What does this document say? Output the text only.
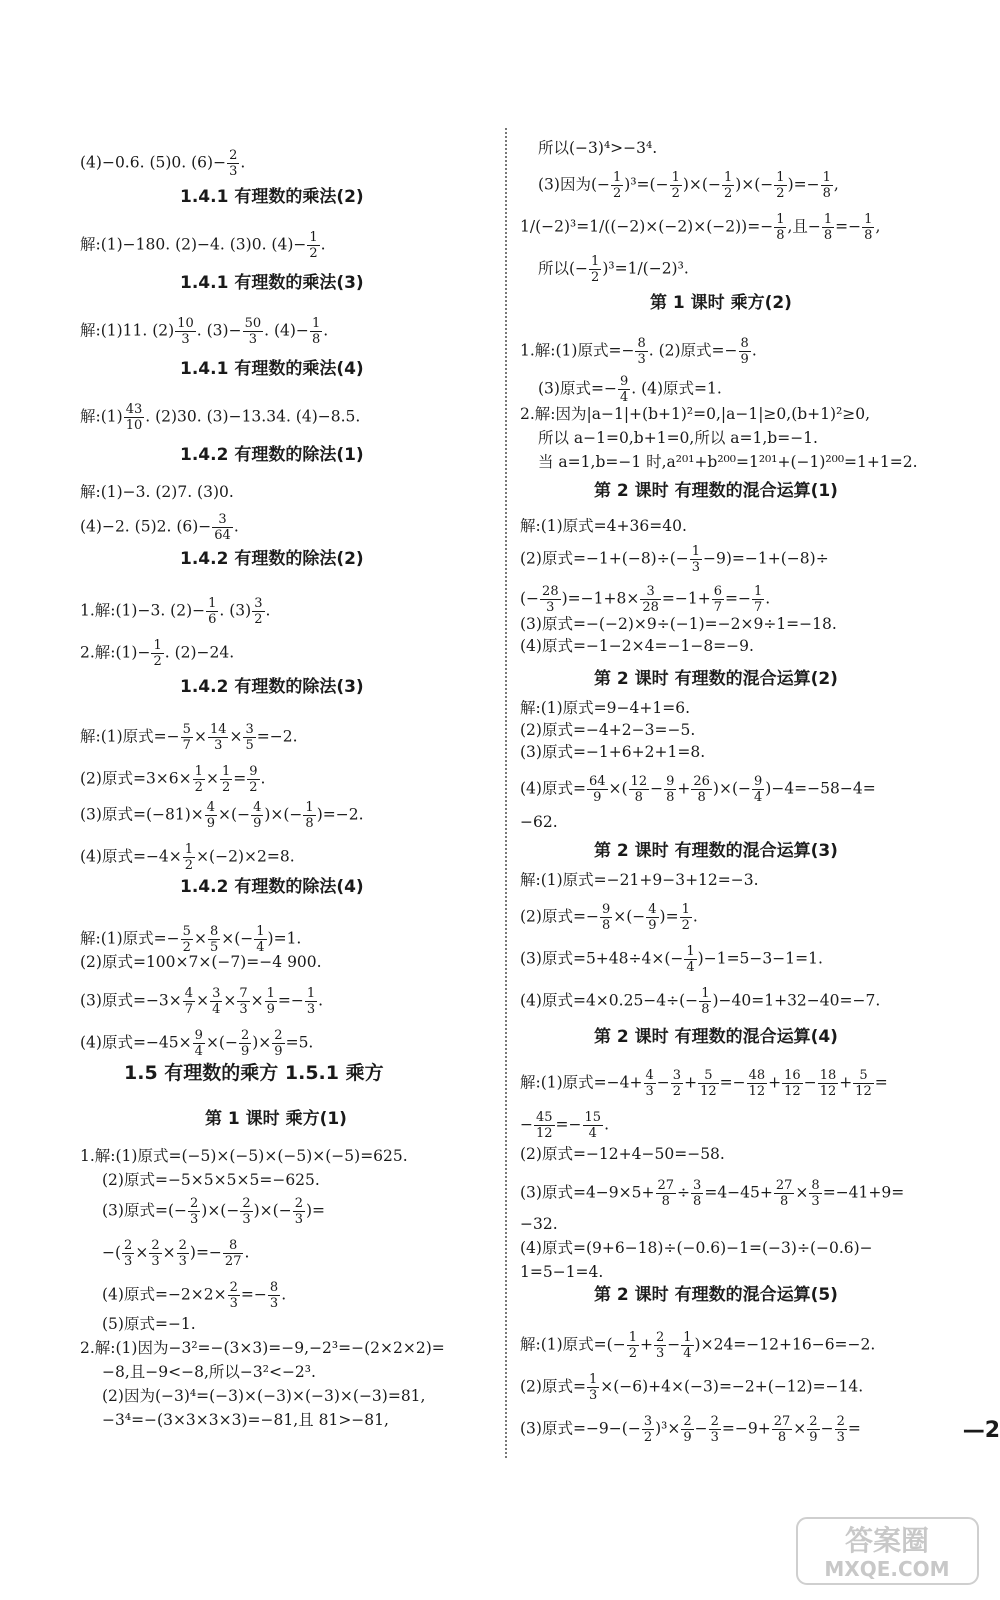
(4)−0.6. (5)0. $(6)- \frac{2}{3}$ .
1.4.1 有理数的乘法(2)
解:(1)−180. (2)−4. (3)0. $(4)- \frac{1}{2}$ .
1.4.1 有理数的乘法(3)
解:(1)11. $(2) \frac{10}{3}$ . $(3)- \frac{50}{3}$ . $(4)- \frac{1}{8}$ .
1.4.1 有理数的乘法(4)
解:(1) $\frac{43}{10}$ . (2)30. (3)−13.34. (4)−8.5.
1.4.2 有理数的除法(1)
解:(1)−3. (2)7. (3)0.
(4)−2. (5)2. $(6)- \frac{3}{64}$ .
1.4.2 有理数的除法(2)
1.解:(1)−3. $(2)- \frac{1}{6}$ . $(3) \frac{3}{2}$ .
2.解:(1)− $\frac{1}{2}$ . (2)−24.
1.4.2 有理数的除法(3)
解:(1)原式=− $\frac{5}{7} \times \frac{14}{3} \times \frac{3}{5} =-2$.
(2)原式$=3\times 6\times \frac{1}{2} \times \frac{1}{2} = \frac{9}{2}$ .
(3)原式$=(-81)\times \frac{4}{9}$ ×(− $\frac{4}{9}$ )×(− $\frac{1}{8} )=-2$.
(4)原式$=-4\times \frac{1}{2} \times(-2)\times 2=8$.
1.4.2 有理数的除法(4)
解:(1)原式=− $\frac{5}{2} \times \frac{8}{5}$ ×(− $\frac{1}{4} )=1$.
(2)原式=100×7×(−7)=−4 900.
(3)原式$=-3\times \frac{4}{7} \times \frac{3}{4} \times \frac{7}{3} \times \frac{1}{9} =- \frac{1}{3}$ .
(4)原式$=-45\times \frac{9}{4}$ ×(− $\frac{2}{9}$ )× $\frac{2}{9} =5$.
1.5 有理数的乘方 1.5.1 乘方
第 1 课时 乘方(1)
1.解:(1)原式=(−5)×(−5)×(−5)×(−5)=625.
(2)原式=−5×5×5×5=−625.
(3)原式=(− $\frac{2}{3}$ )×(− $\frac{2}{3}$ )×(− $\frac{2}{3}$ )=
−( $\frac{2}{3} \times \frac{2}{3} \times \frac{2}{3}$ )=− $\frac{8}{27}$ .
(4)原式$=-2\times 2\times \frac{2}{3} =- \frac{8}{3}$ .
(5)原式=−1.
2.解:(1)因为−3²=−(3×3)=−9,−2³=−(2×2×2)=
−8,且−9<−8,所以−3²<−2³.
(2)因为(−3)⁴=(−3)×(−3)×(−3)×(−3)=81,
−3⁴=−(3×3×3×3)=−81,且 81>−81,
所以(−3)⁴>−3⁴.
(3)因为(− $\frac{1}{2} )^3=(- \frac{1}{2}$ )×(− $\frac{1}{2}$ )×(− $\frac{1}{2}$ )=− $\frac{1}{8}$ ,
$1/(-2)^3=1/((-2)\times(-2)\times(-2))=- \frac{1}{8}$ ,且− $\frac{1}{8} =- \frac{1}{8}$ ,
所以(− $\frac{1}{2} )^3=1/(-2)^3$.
第 1 课时 乘方(2)
1.解:(1)原式=− $\frac{8}{3}$ . (2)原式=− $\frac{8}{9}$ .
(3)原式=− $\frac{9}{4}$ . (4)原式=1.
2.解:因为|a−1|+(b+1)²=0,|a−1|≥0,(b+1)²≥0,
所以 a−1=0,b+1=0,所以 a=1,b=−1.
当 a=1,b=−1 时,a²⁰¹+b²⁰⁰=1²⁰¹+(−1)²⁰⁰=1+1=2.
第 2 课时 有理数的混合运算(1)
解:(1)原式=4+36=40.
(2)原式$=-1+(-8)\div(- \frac{1}{3} -9)=-1+(-8)\div$
(− $\frac{28}{3} )=-1+8\times \frac{3}{28} =-1+ \frac{6}{7} =- \frac{1}{7}$ .
(3)原式=−(−2)×9÷(−1)=−2×9÷1=−18.
(4)原式=−1−2×4=−1−8=−9.
第 2 课时 有理数的混合运算(2)
解:(1)原式=9−4+1=6.
(2)原式=−4+2−3=−5.
(3)原式=−1+6+2+1=8.
(4)原式= $\frac{64}{9}$ ×( $\frac{12}{8} - \frac{9}{8} + \frac{26}{8}$ )×(− $\frac{9}{4} )-4=-58-4=$
−62.
第 2 课时 有理数的混合运算(3)
解:(1)原式=−21+9−3+12=−3.
(2)原式=− $\frac{9}{8}$ ×(− $\frac{4}{9}$ )= $\frac{1}{2}$ .
(3)原式$=5+48\div 4\times(- \frac{1}{4} )-1=5-3-1=1$.
(4)原式$=4\times 0.25-4\div(- \frac{1}{8} )-40=1+32-40=-7$.
第 2 课时 有理数的混合运算(4)
解:(1)原式$=-4+ \frac{4}{3} - \frac{3}{2} + \frac{5}{12} =- \frac{48}{12} + \frac{16}{12} - \frac{18}{12} + \frac{5}{12}$ =
− $\frac{45}{12} =- \frac{15}{4}$ .
(2)原式=−12+4−50=−58.
(3)原式$=4-9\times 5+ \frac{27}{8} \div \frac{3}{8} =4-45+ \frac{27}{8} \times \frac{8}{3} =-41+9=$
−32.
(4)原式=(9+6−18)÷(−0.6)−1=(−3)÷(−0.6)−
1=5−1=4.
第 2 课时 有理数的混合运算(5)
解:(1)原式=(− $\frac{1}{2} + \frac{2}{3} - \frac{1}{4} )\times 24=-12+16-6=-2$.
(2)原式= $\frac{1}{3} \times(-6)+4\times(-3)=-2+(-12)=-14$.
(3)原式$=-9-(- \frac{3}{2} )^3\times \frac{2}{9} - \frac{2}{3} =-9+ \frac{27}{8} \times \frac{2}{9} - \frac{2}{3}$ =	—2
答案圈
MXQE.COM
